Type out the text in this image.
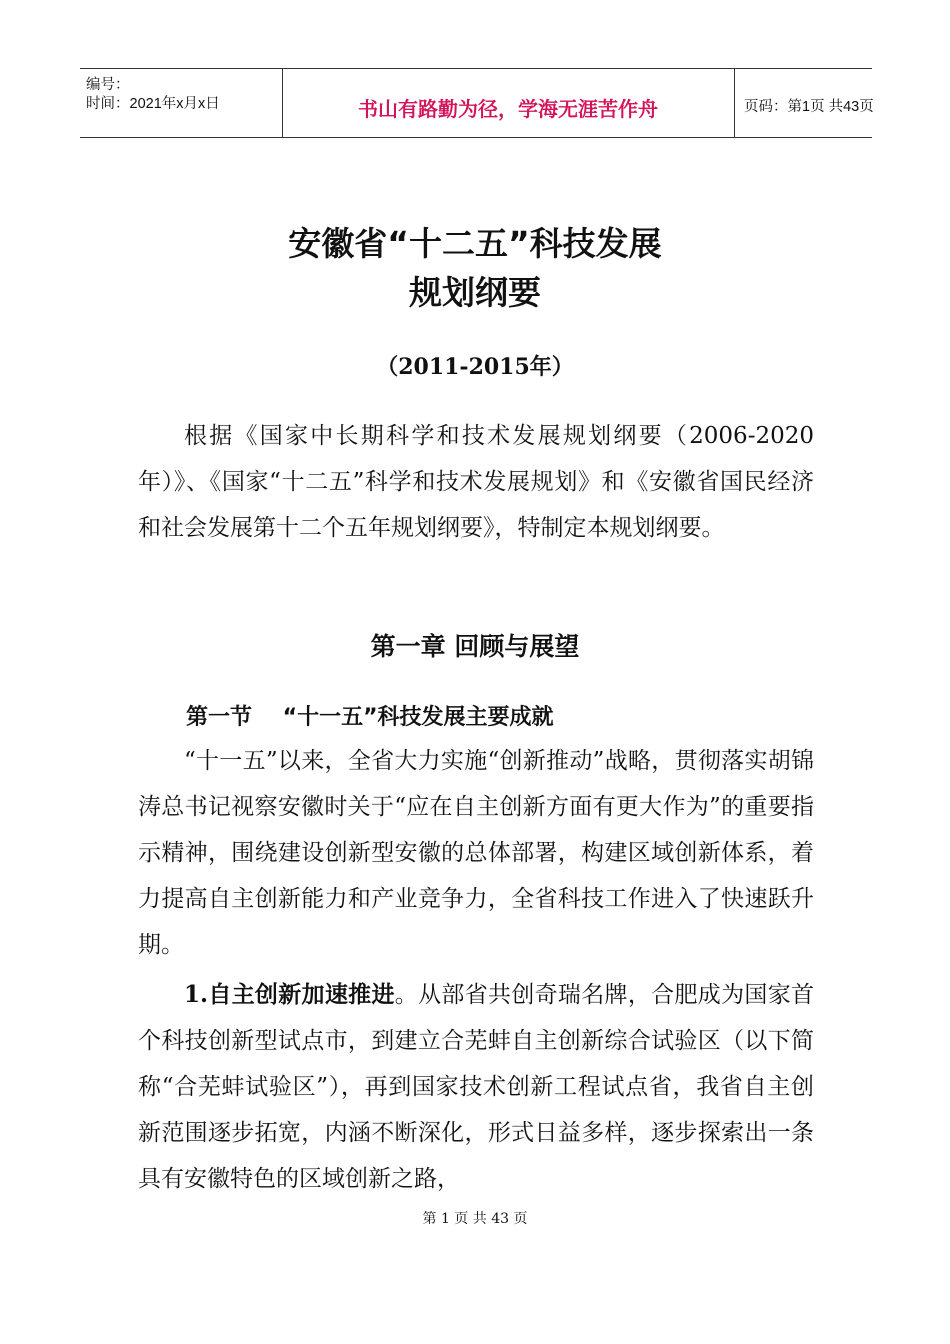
编号：
时间：2021年x月x日	书山有路勤为径，学海无涯苦作舟	页码：第1页 共43页
安徽省“十二五”科技发展
规划纲要
（2011-2015年）

根据《国家中长期科学和技术发展规划纲要（2006-2020年）》、《国家“十二五”科学和技术发展规划》和《安徽省国民经济和社会发展第十二个五年规划纲要》，特制定本规划纲要。

第一章 回顾与展望
第一节    “十一五”科技发展主要成就

“十一五”以来，全省大力实施“创新推动”战略，贯彻落实胡锦涛总书记视察安徽时关于“应在自主创新方面有更大作为”的重要指示精神，围绕建设创新型安徽的总体部署，构建区域创新体系，着力提高自主创新能力和产业竞争力，全省科技工作进入了快速跃升期。

1.自主创新加速推进。从部省共创奇瑞名牌，合肥成为国家首个科技创新型试点市，到建立合芜蚌自主创新综合试验区（以下简称“合芜蚌试验区”），再到国家技术创新工程试点省，我省自主创新范围逐步拓宽，内涵不断深化，形式日益多样，逐步探索出一条具有安徽特色的区域创新之路，

第 1 页 共 43 页
